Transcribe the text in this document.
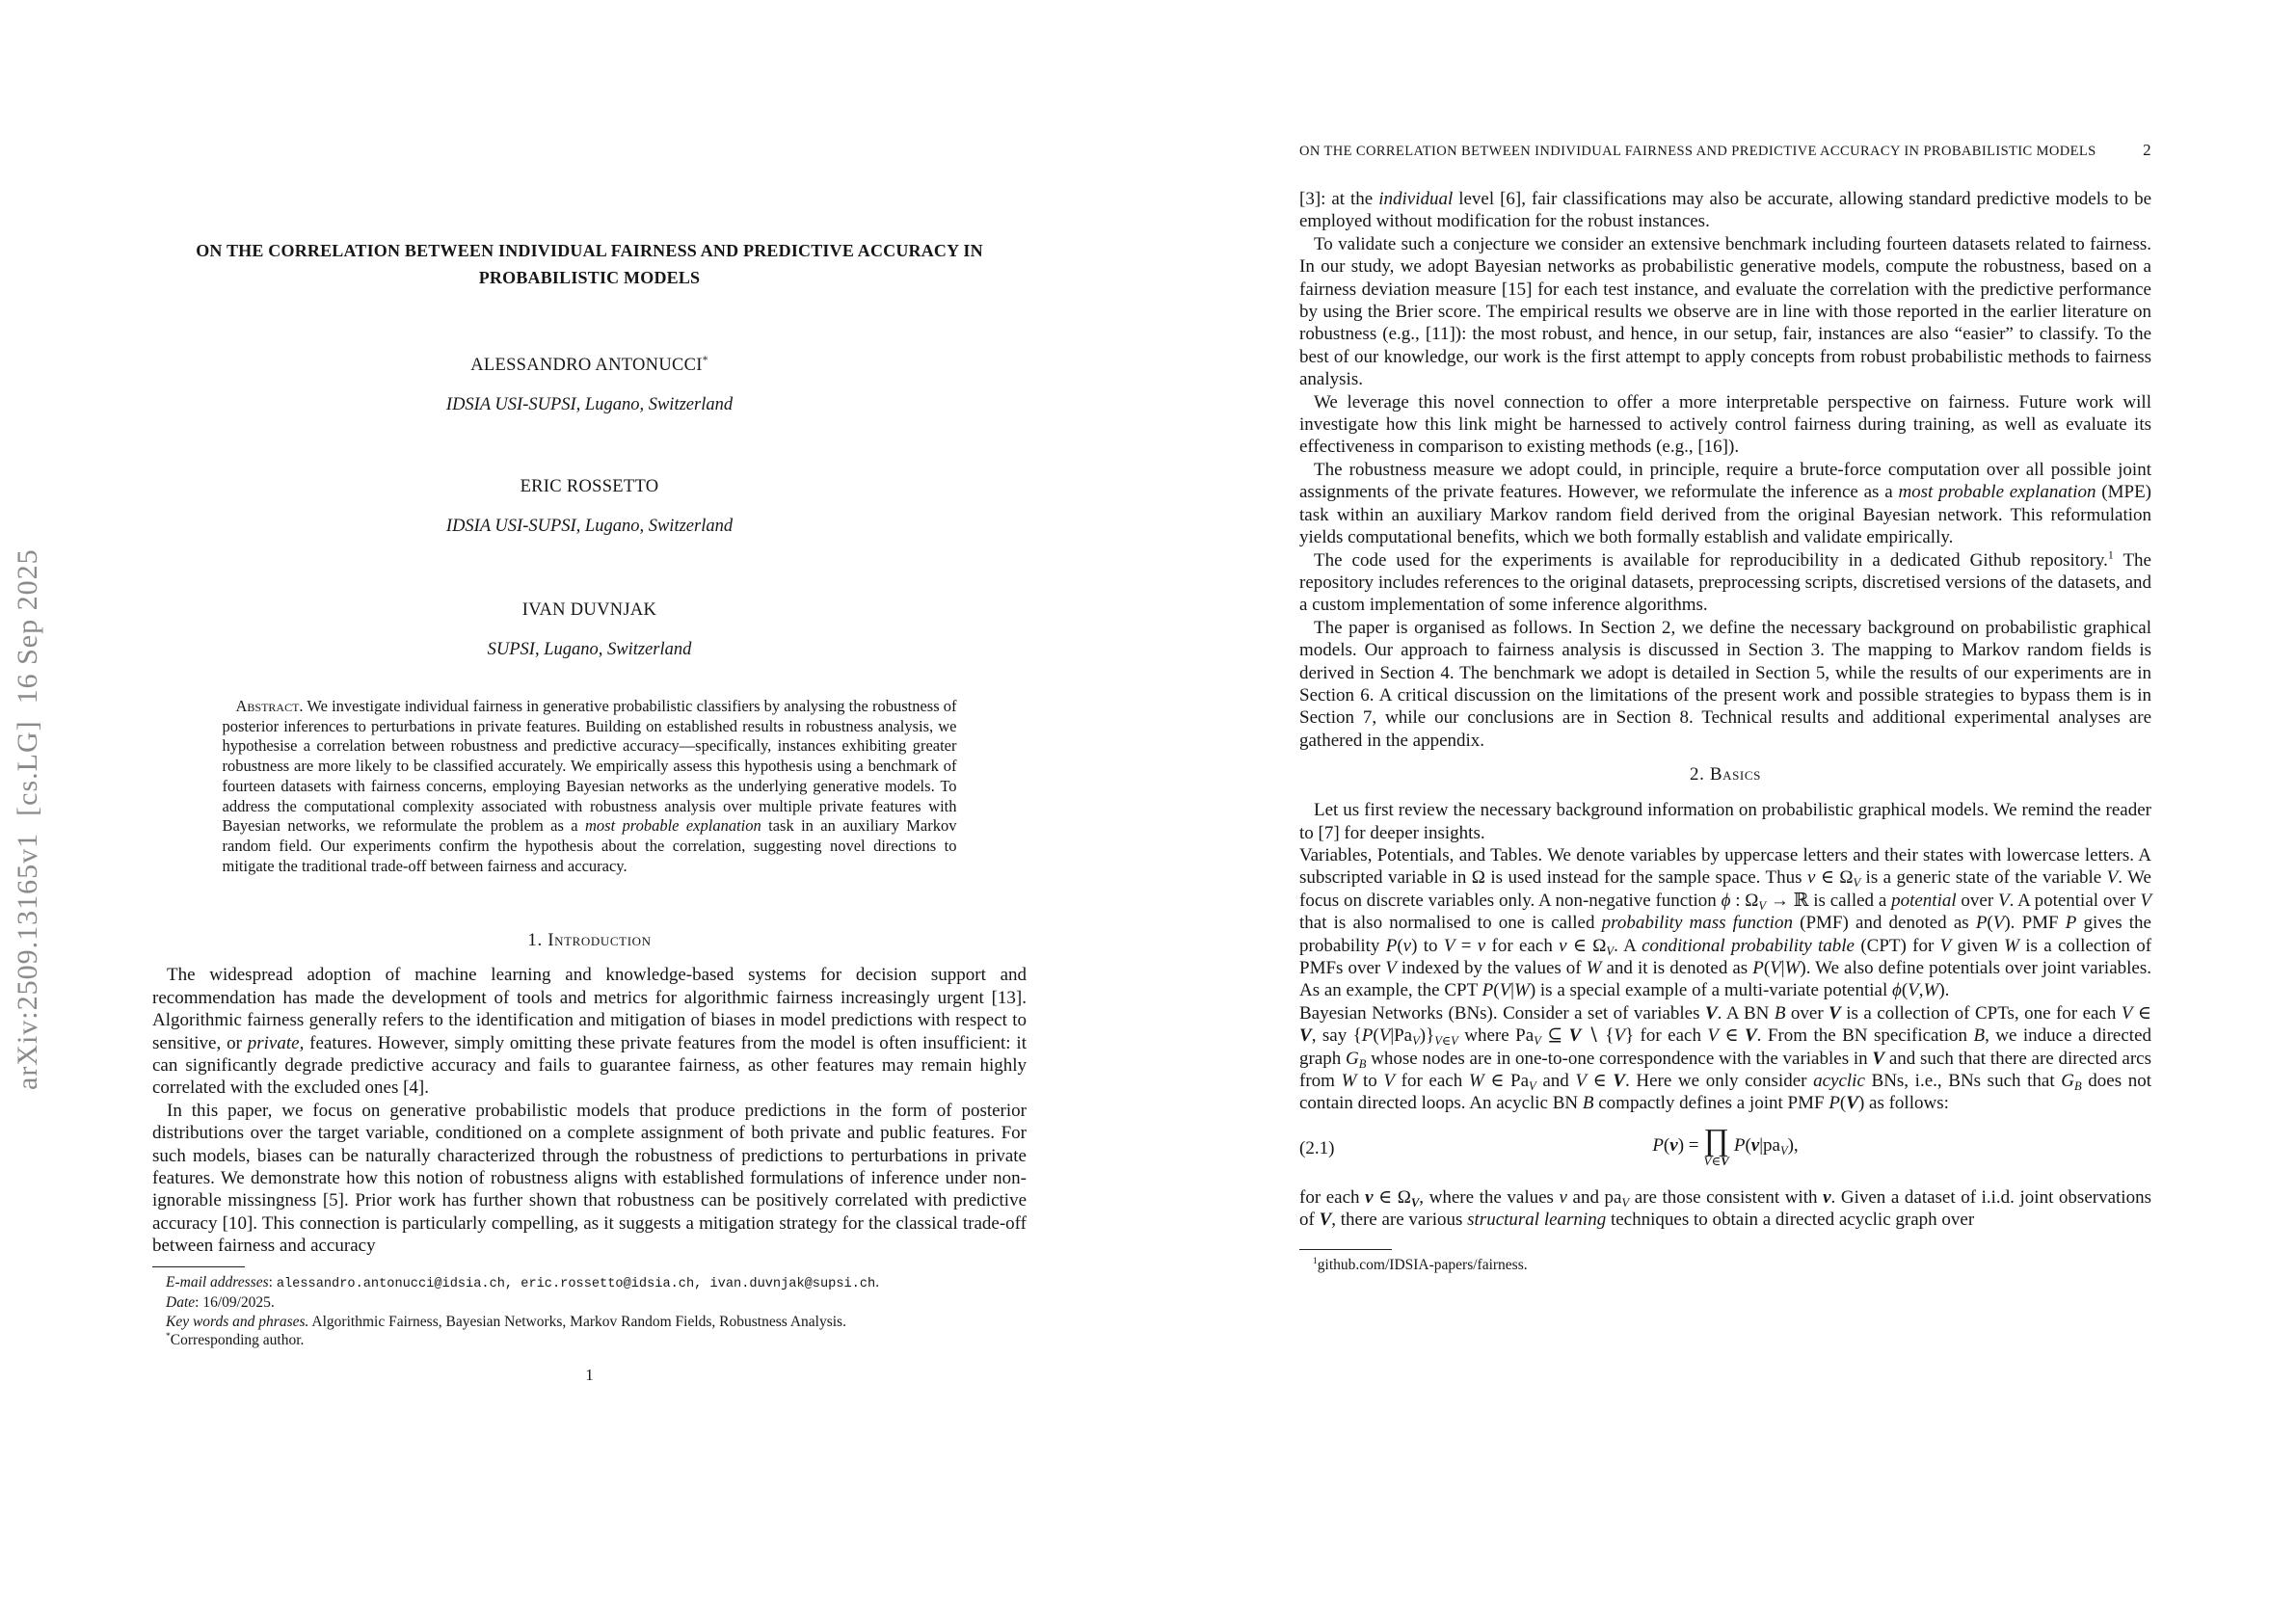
arXiv:2509.13165v1  [cs.LG]  16 Sep 2025
ON THE CORRELATION BETWEEN INDIVIDUAL FAIRNESS AND PREDICTIVE ACCURACY IN PROBABILISTIC MODELS
ALESSANDRO ANTONUCCI*
IDSIA USI-SUPSI, Lugano, Switzerland
ERIC ROSSETTO
IDSIA USI-SUPSI, Lugano, Switzerland
IVAN DUVNJAK
SUPSI, Lugano, Switzerland
Abstract. We investigate individual fairness in generative probabilistic classifiers by analysing the robustness of posterior inferences to perturbations in private features. Building on established results in robustness analysis, we hypothesise a correlation between robustness and predictive accuracy—specifically, instances exhibiting greater robustness are more likely to be classified accurately. We empirically assess this hypothesis using a benchmark of fourteen datasets with fairness concerns, employing Bayesian networks as the underlying generative models. To address the computational complexity associated with robustness analysis over multiple private features with Bayesian networks, we reformulate the problem as a most probable explanation task in an auxiliary Markov random field. Our experiments confirm the hypothesis about the correlation, suggesting novel directions to mitigate the traditional trade-off between fairness and accuracy.
1. Introduction

The widespread adoption of machine learning and knowledge-based systems for decision support and recommendation has made the development of tools and metrics for algorithmic fairness increasingly urgent [13]. Algorithmic fairness generally refers to the identification and mitigation of biases in model predictions with respect to sensitive, or private, features. However, simply omitting these private features from the model is often insufficient: it can significantly degrade predictive accuracy and fails to guarantee fairness, as other features may remain highly correlated with the excluded ones [4].

In this paper, we focus on generative probabilistic models that produce predictions in the form of posterior distributions over the target variable, conditioned on a complete assignment of both private and public features. For such models, biases can be naturally characterized through the robustness of predictions to perturbations in private features. We demonstrate how this notion of robustness aligns with established formulations of inference under non-ignorable missingness [5]. Prior work has further shown that robustness can be positively correlated with predictive accuracy [10]. This connection is particularly compelling, as it suggests a mitigation strategy for the classical trade-off between fairness and accuracy

E-mail addresses: alessandro.antonucci@idsia.ch, eric.rossetto@idsia.ch, ivan.duvnjak@supsi.ch.
Date: 16/09/2025.
Key words and phrases. Algorithmic Fairness, Bayesian Networks, Markov Random Fields, Robustness Analysis.
*Corresponding author.
1
ON THE CORRELATION BETWEEN INDIVIDUAL FAIRNESS AND PREDICTIVE ACCURACY IN PROBABILISTIC MODELS	2

[3]: at the individual level [6], fair classifications may also be accurate, allowing standard predictive models to be employed without modification for the robust instances.

To validate such a conjecture we consider an extensive benchmark including fourteen datasets related to fairness. In our study, we adopt Bayesian networks as probabilistic generative models, compute the robustness, based on a fairness deviation measure [15] for each test instance, and evaluate the correlation with the predictive performance by using the Brier score. The empirical results we observe are in line with those reported in the earlier literature on robustness (e.g., [11]): the most robust, and hence, in our setup, fair, instances are also “easier” to classify. To the best of our knowledge, our work is the first attempt to apply concepts from robust probabilistic methods to fairness analysis.

We leverage this novel connection to offer a more interpretable perspective on fairness. Future work will investigate how this link might be harnessed to actively control fairness during training, as well as evaluate its effectiveness in comparison to existing methods (e.g., [16]).

The robustness measure we adopt could, in principle, require a brute-force computation over all possible joint assignments of the private features. However, we reformulate the inference as a most probable explanation (MPE) task within an auxiliary Markov random field derived from the original Bayesian network. This reformulation yields computational benefits, which we both formally establish and validate empirically.

The code used for the experiments is available for reproducibility in a dedicated Github repository.$^1$ The repository includes references to the original datasets, preprocessing scripts, discretised versions of the datasets, and a custom implementation of some inference algorithms.

The paper is organised as follows. In Section 2, we define the necessary background on probabilistic graphical models. Our approach to fairness analysis is discussed in Section 3. The mapping to Markov random fields is derived in Section 4. The benchmark we adopt is detailed in Section 5, while the results of our experiments are in Section 6. A critical discussion on the limitations of the present work and possible strategies to bypass them is in Section 7, while our conclusions are in Section 8. Technical results and additional experimental analyses are gathered in the appendix.

2. Basics

Let us first review the necessary background information on probabilistic graphical models. We remind the reader to [7] for deeper insights.

Variables, Potentials, and Tables. We denote variables by uppercase letters and their states with lowercase letters. A subscripted variable in Ω is used instead for the sample space. Thus v ∈ $\Omega_V$ is a generic state of the variable V. We focus on discrete variables only. A non-negative function ϕ : $\Omega_V$ → ℝ is called a potential over V. A potential over V that is also normalised to one is called probability mass function (PMF) and denoted as P(V). PMF P gives the probability P(v) to V = v for each v ∈ $\Omega_V$. A conditional probability table (CPT) for V given W is a collection of PMFs over V indexed by the values of W and it is denoted as P(V|W). We also define potentials over joint variables. As an example, the CPT P(V|W) is a special example of a multi-variate potential ϕ(V,W).

Bayesian Networks (BNs). Consider a set of variables V. A BN B over V is a collection of CPTs, one for each V ∈ V, say $\{P(V|Pa_V)\}_{V\in V}$ where $Pa_V$ ⊆ V ∖ {V} for each V ∈ V. From the BN specification B, we induce a directed graph $G_B$ whose nodes are in one-to-one correspondence with the variables in V and such that there are directed arcs from W to V for each W ∈ $Pa_V$ and V ∈ V. Here we only consider acyclic BNs, i.e., BNs such that $G_B$ does not contain directed loops. An acyclic BN B compactly defines a joint PMF P(V) as follows:

(2.1)	P(v) = ∏
V∈V
$P(v|pa_V)$,

for each v ∈ $\Omega_V$, where the values v and $pa_V$ are those consistent with v. Given a dataset of i.i.d. joint observations of V, there are various structural learning techniques to obtain a directed acyclic graph over

$^1$github.com/IDSIA-papers/fairness.
